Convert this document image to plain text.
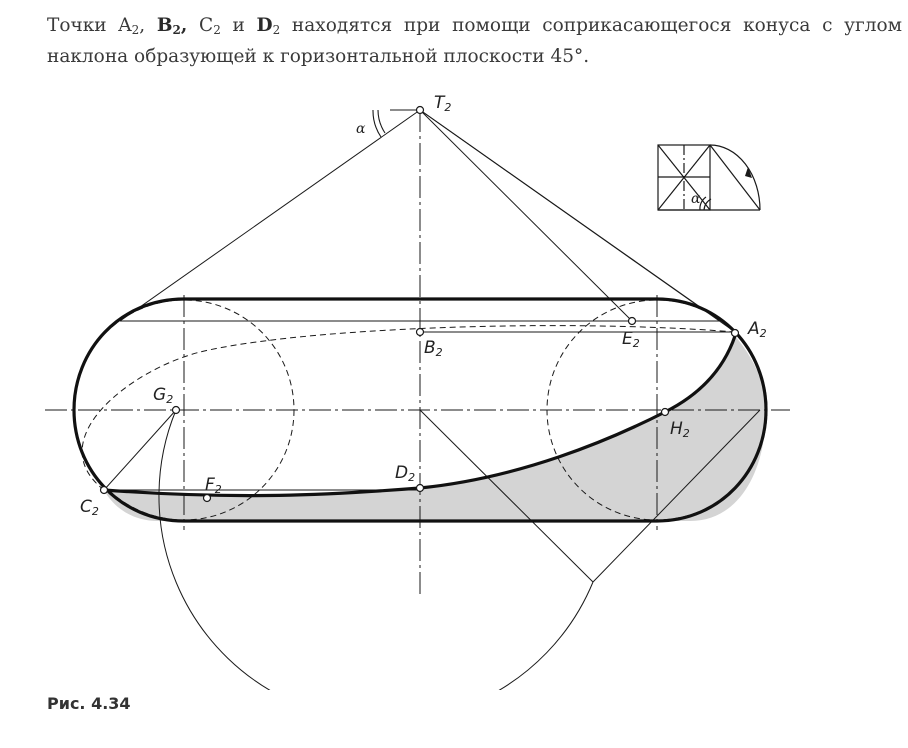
Точки $A_2$, $B_2$, $C_2$ и $D_2$ находятся при помощи соприкасающегося конуса с углом наклона образующей к горизонтальной плоскости 45°.

T2
A2
B2
C2
D2
E2
F2
G2
H2
α
α

Рис. 4.34
